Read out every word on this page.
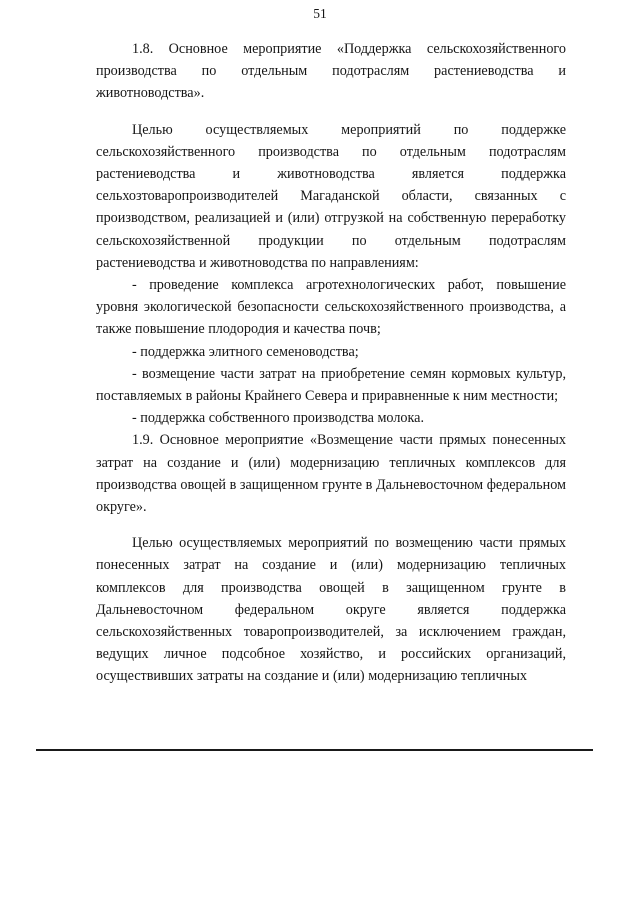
51

1.8. Основное мероприятие «Поддержка сельскохозяйственного производства по отдельным подотраслям растениеводства и животноводства».

Целью осуществляемых мероприятий по поддержке сельскохозяйственного производства по отдельным подотраслям растениеводства и животноводства является поддержка сельхозтоваропроизводителей Магаданской области, связанных с производством, реализацией и (или) отгрузкой на собственную переработку сельскохозяйственной продукции по отдельным подотраслям растениеводства и животноводства по направлениям:

- проведение комплекса агротехнологических работ, повышение уровня экологической безопасности сельскохозяйственного производства, а также повышение плодородия и качества почв;

- поддержка элитного семеноводства;

- возмещение части затрат на приобретение семян кормовых культур, поставляемых в районы Крайнего Севера и приравненные к ним местности;

- поддержка собственного производства молока.

1.9. Основное мероприятие «Возмещение части прямых понесенных затрат на создание и (или) модернизацию тепличных комплексов для производства овощей в защищенном грунте в Дальневосточном федеральном округе».

Целью осуществляемых мероприятий по возмещению части прямых понесенных затрат на создание и (или) модернизацию тепличных комплексов для производства овощей в защищенном грунте в Дальневосточном федеральном округе является поддержка сельскохозяйственных товаропроизводителей, за исключением граждан, ведущих личное подсобное хозяйство, и российских организаций, осуществивших затраты на создание и (или) модернизацию тепличных
